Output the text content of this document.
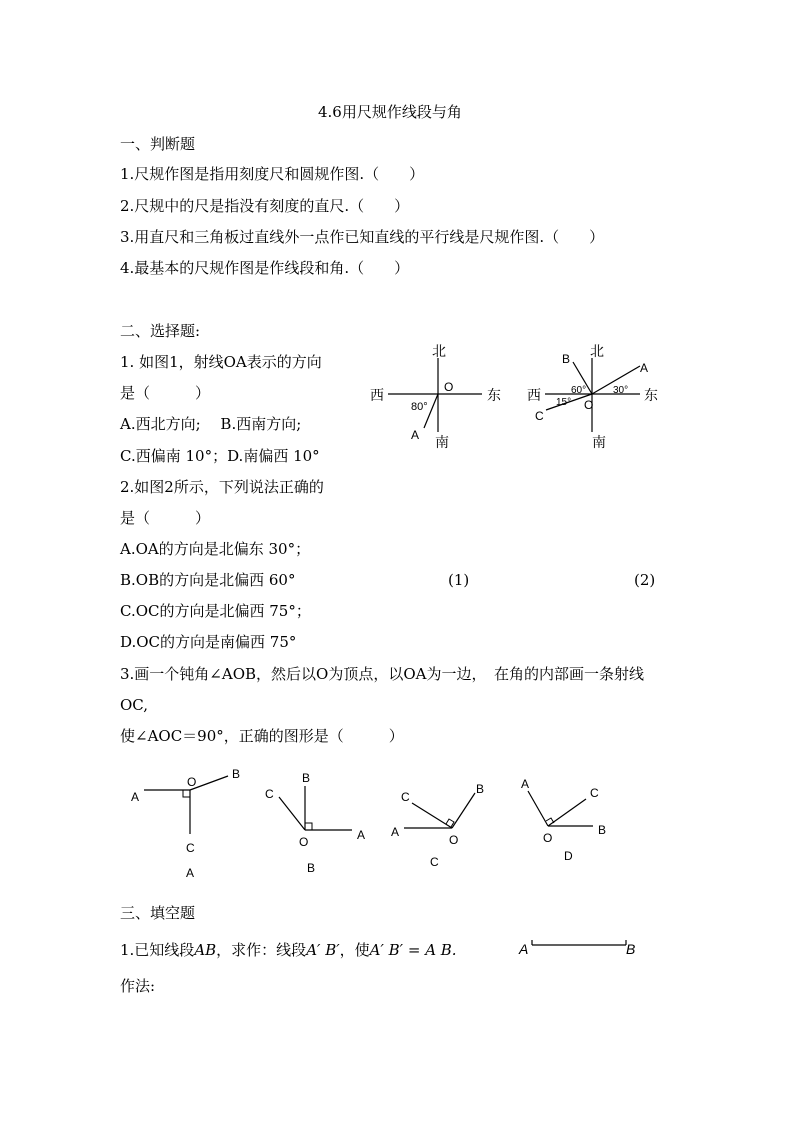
4.6用尺规作线段与角
一、判断题
1.尺规作图是指用刻度尺和圆规作图.（　　）
2.尺规中的尺是指没有刻度的直尺.（　　）
3.用直尺和三角板过直线外一点作已知直线的平行线是尺规作图.（　　）
4.最基本的尺规作图是作线段和角.（　　）
二、选择题:
1. 如图1，射线OA表示的方向
是（　　　）
A.西北方向;　 B.西南方向;
C.西偏南 10°；D.南偏西 10°
2.如图2所示，下列说法正确的
是（　　　）
A.OA的方向是北偏东 30°；
B.OB的方向是北偏西 60°
C.OC的方向是北偏西 75°；
D.OC的方向是南偏西 75°
(1)	(2)
北
南
西	东
O
A
80°
北
南
西	东
O
A
B
C
30°
60°
15°
3.画一个钝角∠AOB，然后以O为顶点，以OA为一边，　在角的内部画一条射线
OC,
使∠AOC＝90°，正确的图形是（　　　）
A
O
B
C
A
B
C
A
O
B
A
C
B
O
C
A
C
B
O
D
三、填空题
1.已知线段AB，求作：线段A′ B′，使A′ B′ = A B.	A	B
作法:
